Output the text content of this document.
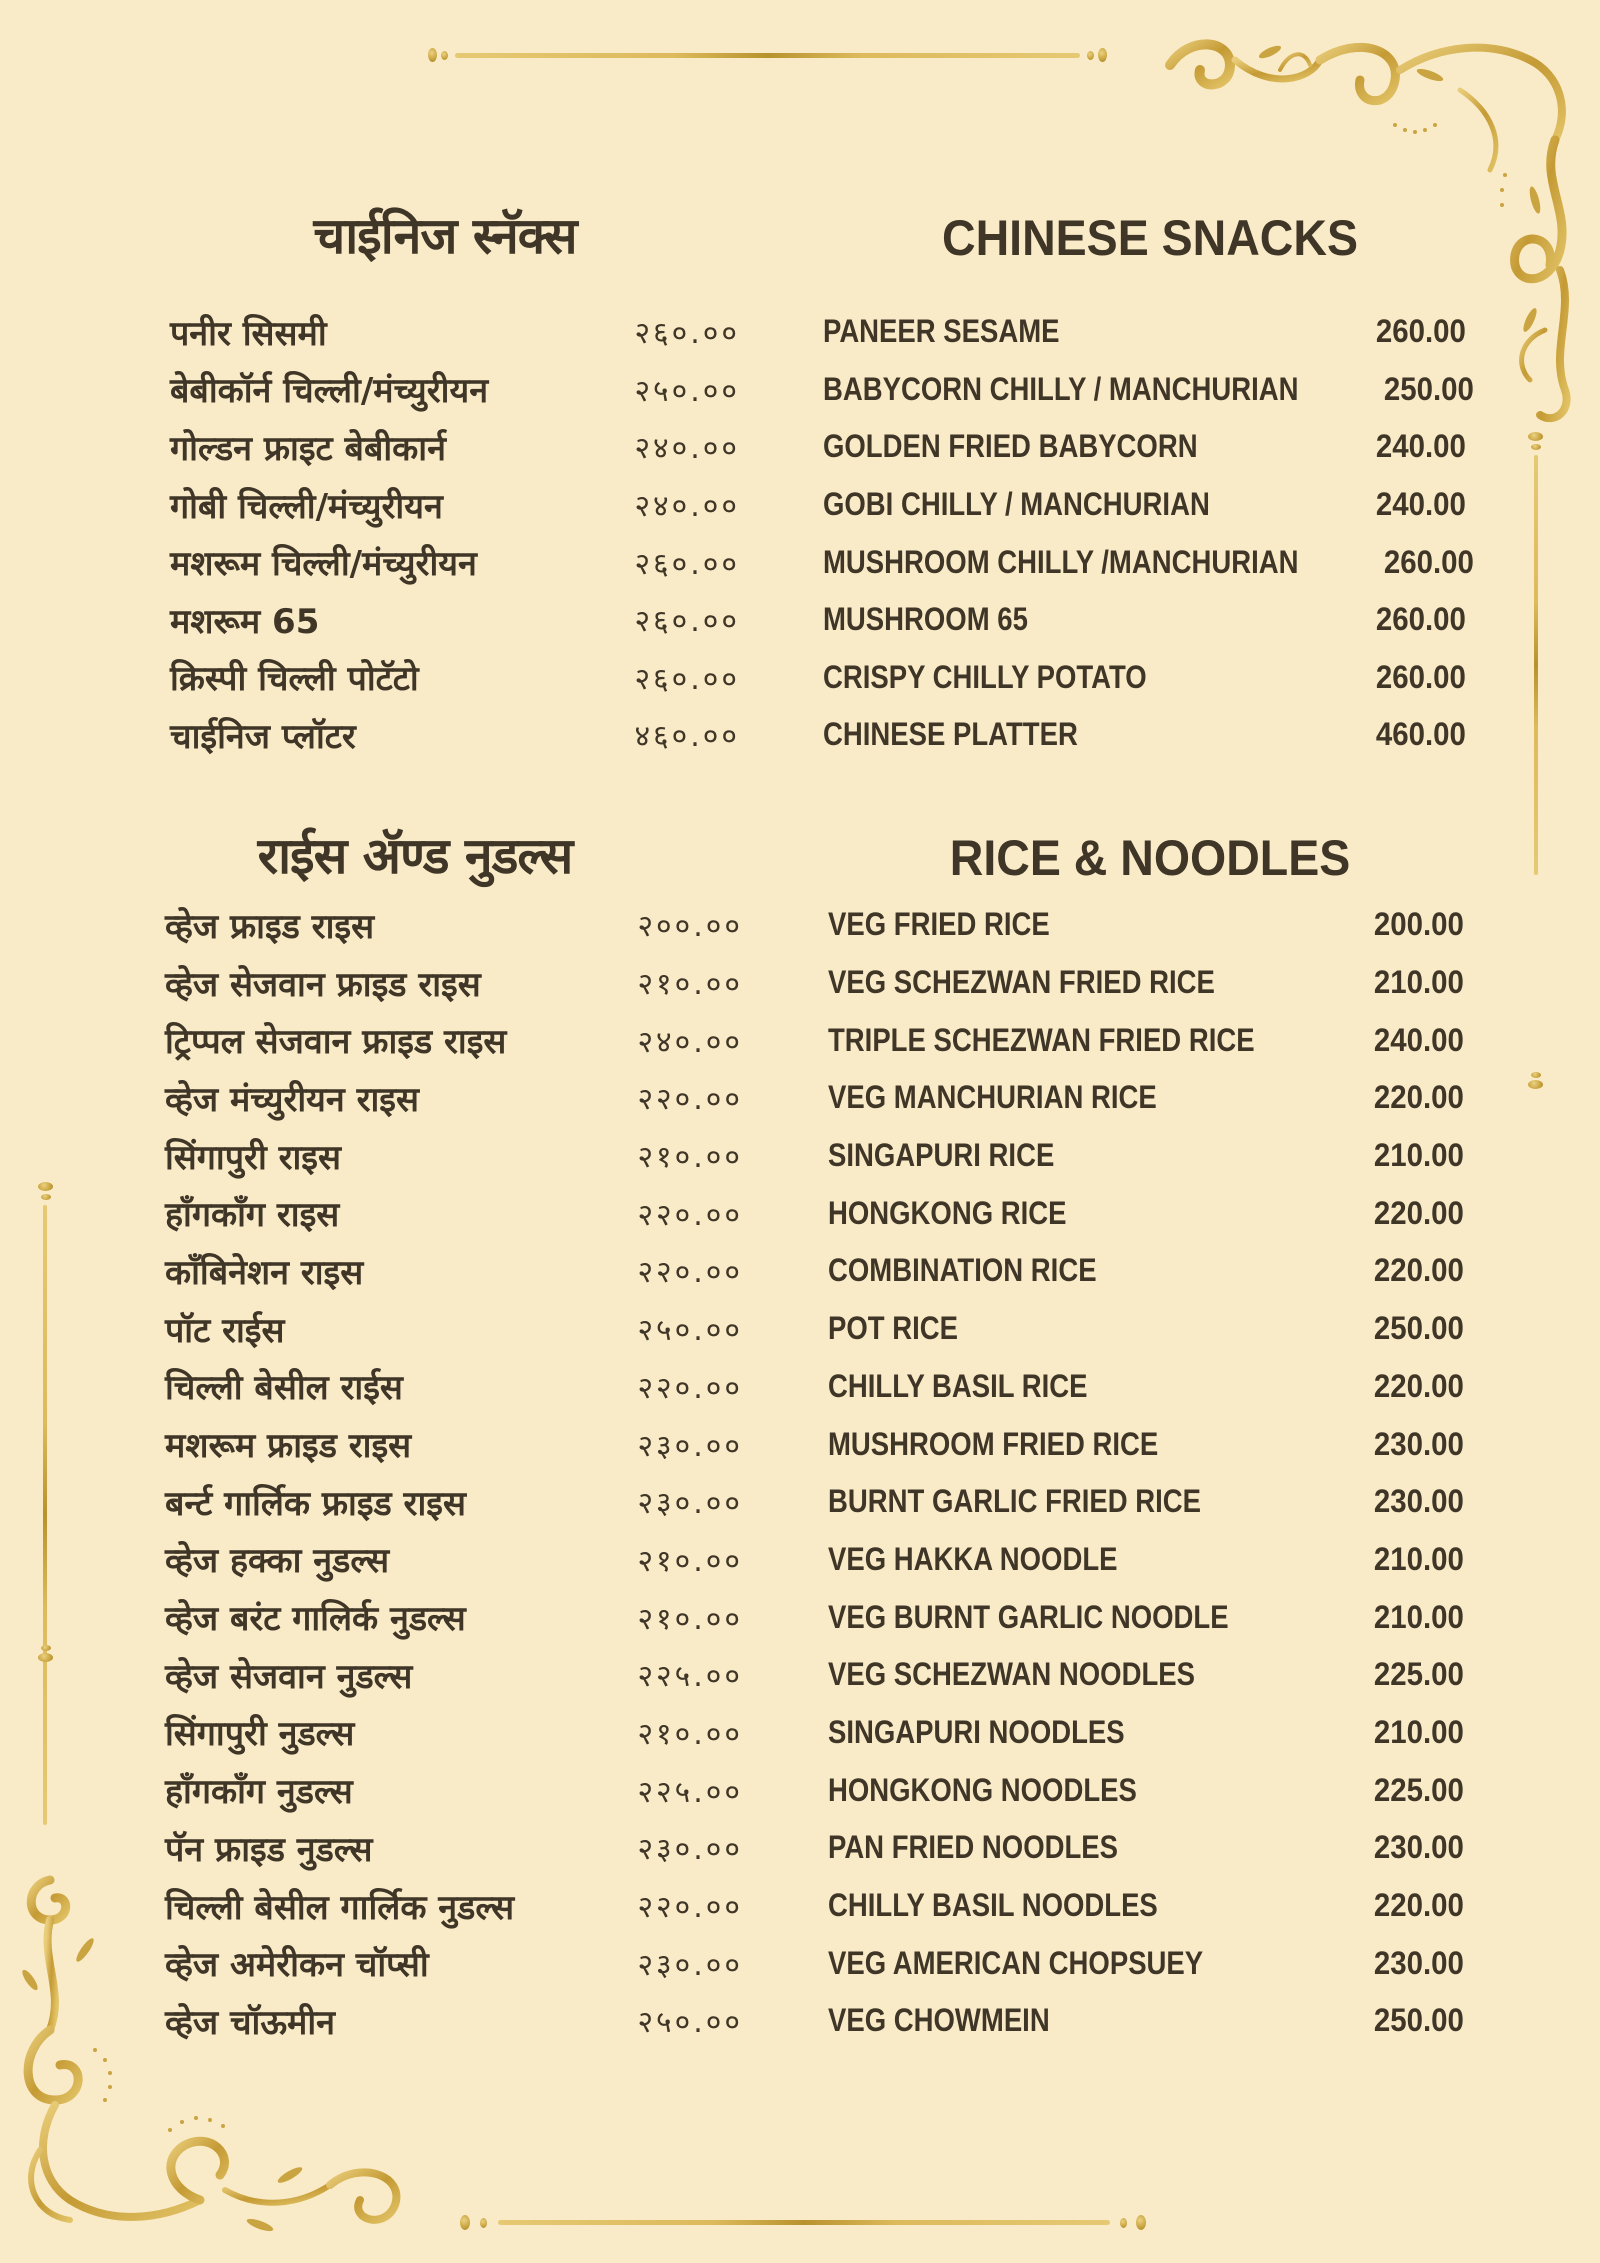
चाईनिज स्नॅक्स	CHINESE SNACKS
पनीर सिसमी	२६०.००
बेबीकॉर्न चिल्ली/मंच्युरीयन	२५०.००
गोल्डन फ्राइट बेबीकार्न	२४०.००
गोबी चिल्ली/मंच्युरीयन	२४०.००
मशरूम चिल्ली/मंच्युरीयन	२६०.००
मशरूम 65	२६०.००
क्रिस्पी चिल्ली पोटॅटो	२६०.००
चाईनिज प्लॉटर	४६०.००
PANEER SESAME	260.00
BABYCORN CHILLY / MANCHURIAN	250.00
GOLDEN FRIED BABYCORN	240.00
GOBI CHILLY / MANCHURIAN	240.00
MUSHROOM CHILLY /MANCHURIAN	260.00
MUSHROOM 65	260.00
CRISPY CHILLY POTATO	260.00
CHINESE PLATTER	460.00
राईस ॲण्ड नुडल्स	RICE & NOODLES
व्हेज फ्राइड राइस	२००.००
व्हेज सेजवान फ्राइड राइस	२१०.००
ट्रिप्पल सेजवान फ्राइड राइस	२४०.००
व्हेज मंच्युरीयन राइस	२२०.००
सिंगापुरी राइस	२१०.००
हॉंगकॉंग राइस	२२०.००
कॉंबिनेशन राइस	२२०.००
पॉट राईस	२५०.००
चिल्ली बेसील राईस	२२०.००
मशरूम फ्राइड राइस	२३०.००
बर्न्ट गार्लिक फ्राइड राइस	२३०.००
व्हेज हक्का नुडल्स	२१०.००
व्हेज बरंट गालिर्क नुडल्स	२१०.००
व्हेज सेजवान नुडल्स	२२५.००
सिंगापुरी नुडल्स	२१०.००
हॉंगकॉंग नुडल्स	२२५.००
पॅन फ्राइड नुडल्स	२३०.००
चिल्ली बेसील गार्लिक नुडल्स	२२०.००
व्हेज अमेरीकन चॉप्सी	२३०.००
व्हेज चॉऊमीन	२५०.००
VEG FRIED RICE	200.00
VEG SCHEZWAN FRIED RICE	210.00
TRIPLE SCHEZWAN FRIED RICE	240.00
VEG MANCHURIAN RICE	220.00
SINGAPURI RICE	210.00
HONGKONG RICE	220.00
COMBINATION RICE	220.00
POT RICE	250.00
CHILLY BASIL RICE	220.00
MUSHROOM FRIED RICE	230.00
BURNT GARLIC FRIED RICE	230.00
VEG HAKKA NOODLE	210.00
VEG BURNT GARLIC NOODLE	210.00
VEG SCHEZWAN NOODLES	225.00
SINGAPURI NOODLES	210.00
HONGKONG NOODLES	225.00
PAN FRIED NOODLES	230.00
CHILLY BASIL NOODLES	220.00
VEG AMERICAN CHOPSUEY	230.00
VEG CHOWMEIN	250.00
